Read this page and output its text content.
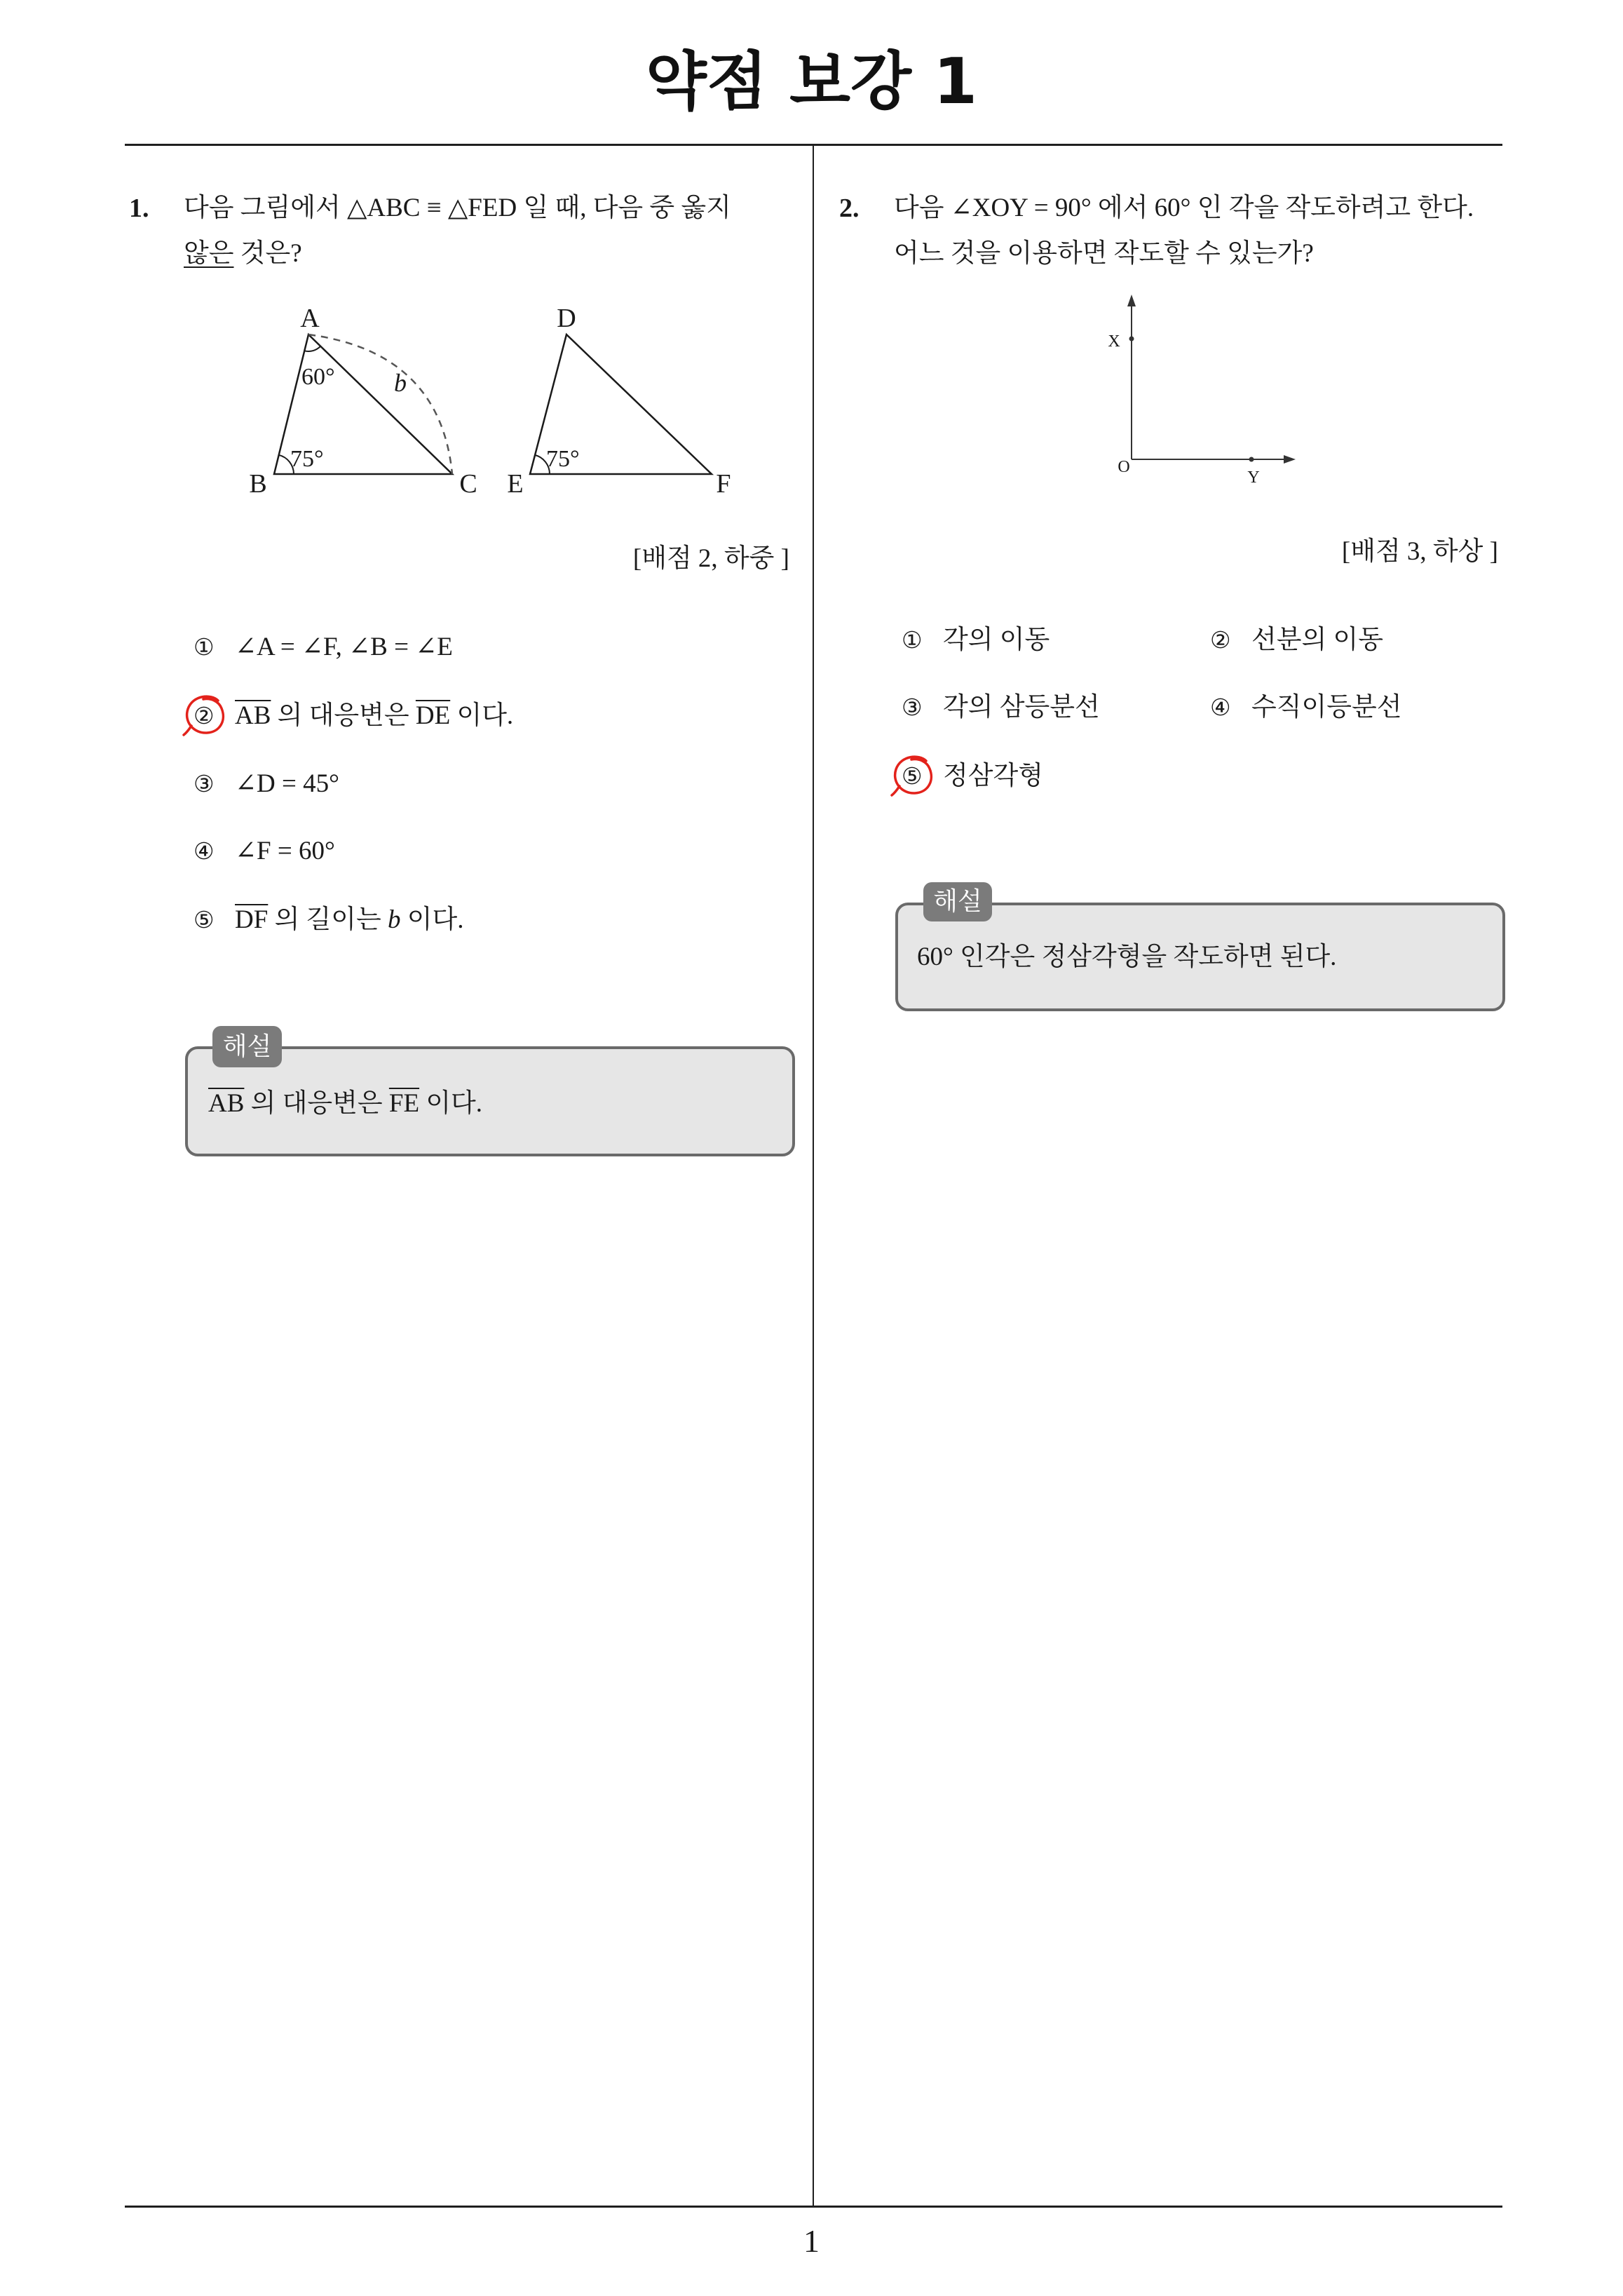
약점 보강 1
1
1. 다음 그림에서 △ABC ≡ △FED 일 때, 다음 중 옳지
않은 것은?
A
B	C
D
E	F
60° b
75°	75°
[배점 2, 하중 ]
① ∠A = ∠F, ∠B = ∠E
② $\overline{AB}$ 의 대응변은 $\overline{DE}$ 이다.
③ ∠D = 45°
④ ∠F = 60°
⑤ $\overline{DF}$ 의 길이는 b 이다.
$\overline{AB}$ 의 대응변은 $\overline{FE}$ 이다.
해설
2. 다음 ∠XOY = 90° 에서 60° 인 각을 작도하려고 한다.
어느 것을 이용하면 작도할 수 있는가?
X
O
Y
[배점 3, 하상 ]
① 각의 이동	② 선분의 이동
③ 각의 삼등분선	④ 수직이등분선
⑤ 정삼각형
60° 인각은 정삼각형을 작도하면 된다.
해설
